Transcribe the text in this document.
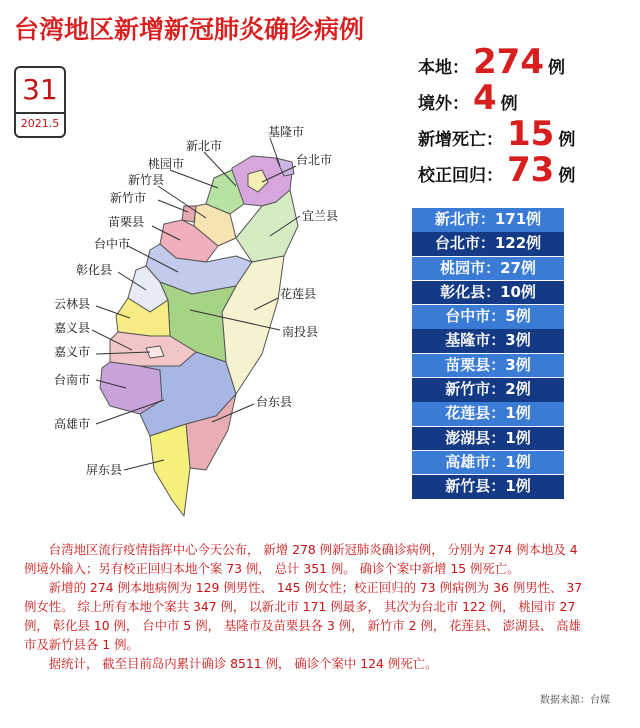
台湾地区新增新冠肺炎确诊病例
31
2021.5
本地： 274 例
境外： 4 例
新增死亡： 15 例
校正回归： 73 例
新北市：171例
台北市：122例
桃园市：27例
彰化县：10例
台中市：5例
基隆市：3例
苗栗县：3例
新竹市：2例
花莲县：1例
澎湖县：1例
高雄市：1例
新竹县：1例
新北市
基隆市
桃园市	台北市
新竹县
新竹市
宜兰县
苗栗县
台中市
彰化县
花莲县
云林县
南投县
嘉义县
嘉义市
台南市
台东县
高雄市
屏东县

台湾地区流行疫情指挥中心今天公布， 新增 278 例新冠肺炎确诊病例， 分别为 274 例本地及 4 例境外输入；另有校正回归本地个案 73 例， 总计 351 例。 确诊个案中新增 15 例死亡。

新增的 274 例本地病例为 129 例男性、 145 例女性；校正回归的 73 例病例为 36 例男性、 37 例女性。 综上所有本地个案共 347 例， 以新北市 171 例最多， 其次为台北市 122 例， 桃园市 27 例， 彰化县 10 例， 台中市 5 例， 基隆市及苗栗县各 3 例， 新竹市 2 例， 花莲县、 澎湖县、 高雄市及新竹县各 1 例。

据统计， 截至目前岛内累计确诊 8511 例， 确诊个案中 124 例死亡。

数据来源：台媒
